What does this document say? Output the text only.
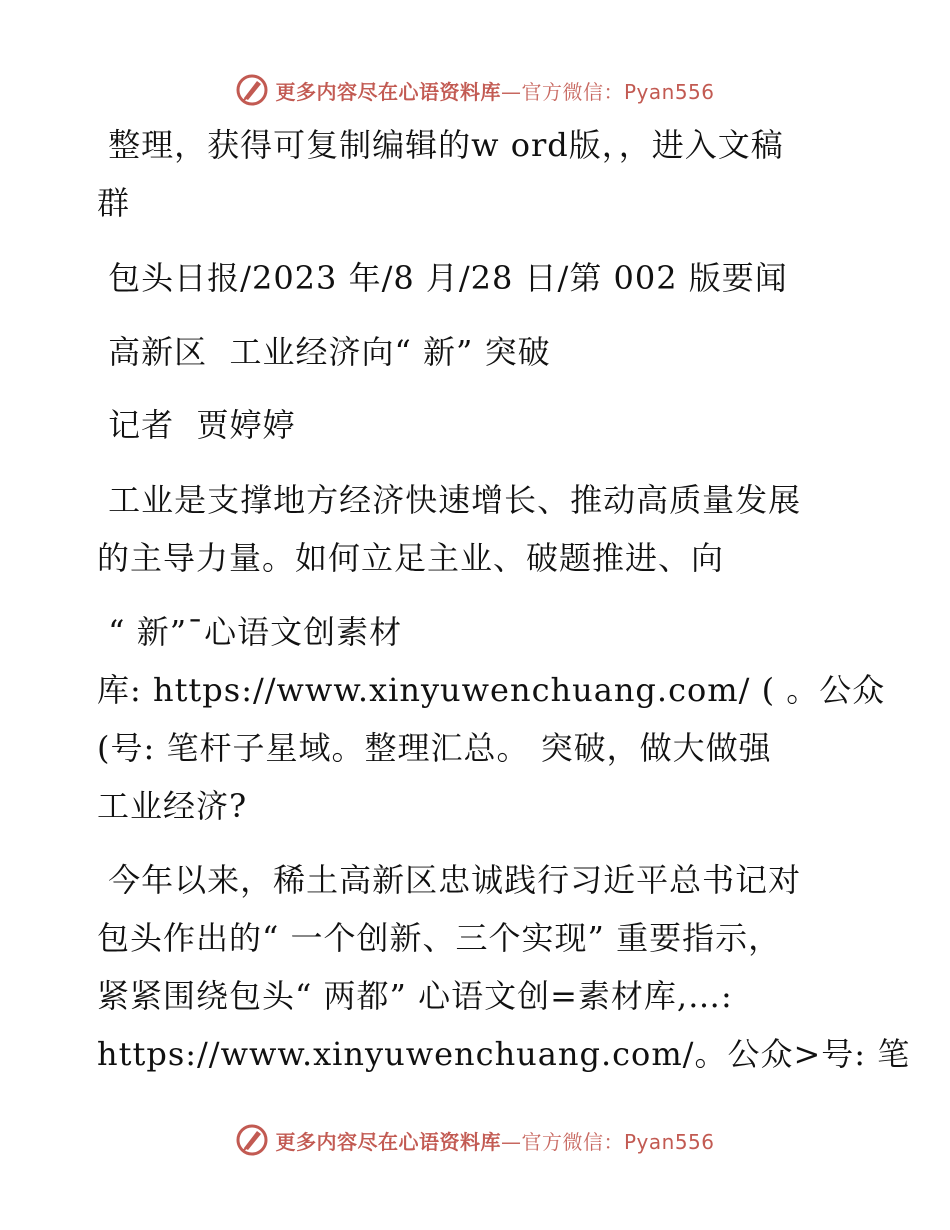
更多内容尽在心语资料库—官方微信：Pyan556
整理，获得可复制编辑的w ord版，，进入文稿
群
包头日报/2023 年/8 月/28 日/第 002 版要闻
高新区  工业经济向“ 新” 突破
记者  贾婷婷
工业是支撑地方经济快速增长、推动高质量发展
的主导力量。如何立足主业、破题推进、向
“ 新”¯心语文创素材
库: https://www.xinyuwenchuang.com/ ( 。公众
(号: 笔杆子星域。整理汇总。 突破，做大做强
工业经济?
今年以来，稀土高新区忠诚践行习近平总书记对
包头作出的“ 一个创新、三个实现” 重要指示，
紧紧围绕包头“ 两都” 心语文创=素材库,…:
https://www.xinyuwenchuang.com/。公众>号: 笔
更多内容尽在心语资料库—官方微信：Pyan556
